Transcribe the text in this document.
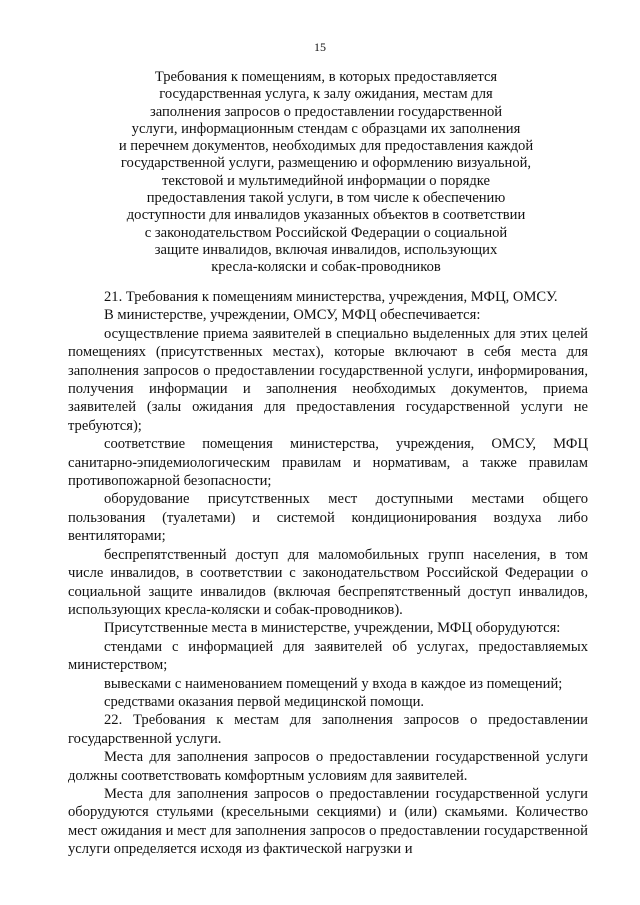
15
Требования к помещениям, в которых предоставляется
государственная услуга, к залу ожидания, местам для
заполнения запросов о предоставлении государственной
услуги, информационным стендам с образцами их заполнения
и перечнем документов, необходимых для предоставления каждой
государственной услуги, размещению и оформлению визуальной,
текстовой и мультимедийной информации о порядке
предоставления такой услуги, в том числе к обеспечению
доступности для инвалидов указанных объектов в соответствии
с законодательством Российской Федерации о социальной
защите инвалидов, включая инвалидов, использующих
кресла-коляски и собак-проводников

21. Требования к помещениям министерства, учреждения, МФЦ, ОМСУ.

В министерстве, учреждении, ОМСУ, МФЦ обеспечивается:

осуществление приема заявителей в специально выделенных для этих целей помещениях (присутственных местах), которые включают в себя места для заполнения запросов о предоставлении государственной услуги, информирования, получения информации и заполнения необходимых документов, приема заявителей (залы ожидания для предоставления государственной услуги не требуются);

соответствие помещения министерства, учреждения, ОМСУ, МФЦ санитарно-эпидемиологическим правилам и нормативам, а также правилам противопожарной безопасности;

оборудование присутственных мест доступными местами общего пользования (туалетами) и системой кондиционирования воздуха либо вентиляторами;

беспрепятственный доступ для маломобильных групп населения, в том числе инвалидов, в соответствии с законодательством Российской Федерации о социальной защите инвалидов (включая беспрепятственный доступ инвалидов, использующих кресла-коляски и собак-проводников).

Присутственные места в министерстве, учреждении, МФЦ оборудуются:

стендами с информацией для заявителей об услугах, предоставляемых министерством;

вывесками с наименованием помещений у входа в каждое из помещений;

средствами оказания первой медицинской помощи.

22. Требования к местам для заполнения запросов о предоставлении государственной услуги.

Места для заполнения запросов о предоставлении государственной услуги должны соответствовать комфортным условиям для заявителей.

Места для заполнения запросов о предоставлении государственной услуги оборудуются стульями (кресельными секциями) и (или) скамьями. Количество мест ожидания и мест для заполнения запросов о предоставлении государственной услуги определяется исходя из фактической нагрузки и
